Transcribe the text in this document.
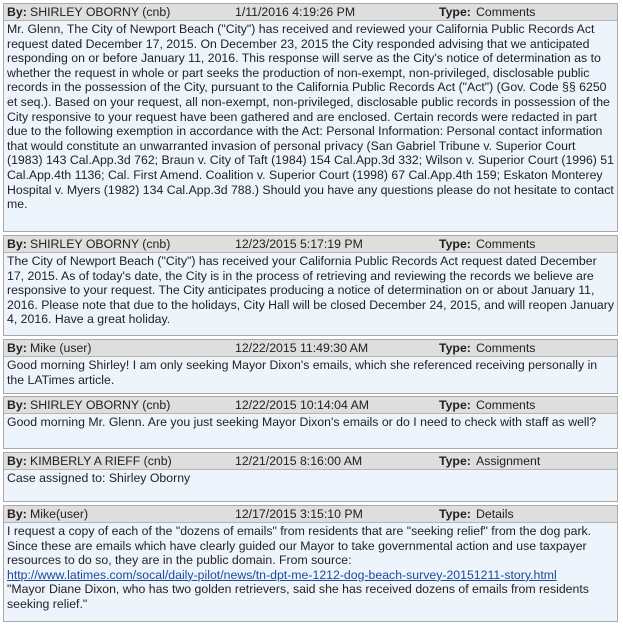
By: SHIRLEY OBORNY (cnb)	1/11/2016 4:19:26 PM	Type: Comments
Mr. Glenn, The City of Newport Beach ("City") has received and reviewed your California Public Records Act request dated December 17, 2015. On December 23, 2015 the City responded advising that we anticipated responding on or before January 11, 2016. This response will serve as the City's notice of determination as to whether the request in whole or part seeks the production of non-exempt, non-privileged, disclosable public records in the possession of the City, pursuant to the California Public Records Act ("Act") (Gov. Code §§ 6250 et seq.). Based on your request, all non-exempt, non-privileged, disclosable public records in possession of the City responsive to your request have been gathered and are enclosed. Certain records were redacted in part due to the following exemption in accordance with the Act: Personal Information: Personal contact information that would constitute an unwarranted invasion of personal privacy (San Gabriel Tribune v. Superior Court (1983) 143 Cal.App.3d 762; Braun v. City of Taft (1984) 154 Cal.App.3d 332; Wilson v. Superior Court (1996) 51 Cal.App.4th 1136; Cal. First Amend. Coalition v. Superior Court (1998) 67 Cal.App.4th 159; Eskaton Monterey Hospital v. Myers (1982) 134 Cal.App.3d 788.) Should you have any questions please do not hesitate to contact me.
By: SHIRLEY OBORNY (cnb)	12/23/2015 5:17:19 PM	Type: Comments
The City of Newport Beach ("City") has received your California Public Records Act request dated December 17, 2015. As of today's date, the City is in the process of retrieving and reviewing the records we believe are responsive to your request. The City anticipates producing a notice of determination on or about January 11, 2016. Please note that due to the holidays, City Hall will be closed December 24, 2015, and will reopen January 4, 2016. Have a great holiday.
By: Mike (user)	12/22/2015 11:49:30 AM	Type: Comments
Good morning Shirley! I am only seeking Mayor Dixon's emails, which she referenced receiving personally in the LATimes article.
By: SHIRLEY OBORNY (cnb)	12/22/2015 10:14:04 AM	Type: Comments
Good morning Mr. Glenn. Are you just seeking Mayor Dixon's emails or do I need to check with staff as well?
By: KIMBERLY A RIEFF (cnb)	12/21/2015 8:16:00 AM	Type: Assignment
Case assigned to: Shirley Oborny
By: Mike(user)	12/17/2015 3:15:10 PM	Type: Details
I request a copy of each of the "dozens of emails" from residents that are "seeking relief" from the dog park. Since these are emails which have clearly guided our Mayor to take governmental action and use taxpayer resources to do so, they are in the public domain. From source:
http://www.latimes.com/socal/daily-pilot/news/tn-dpt-me-1212-dog-beach-survey-20151211-story.html
"Mayor Diane Dixon, who has two golden retrievers, said she has received dozens of emails from residents seeking relief."
